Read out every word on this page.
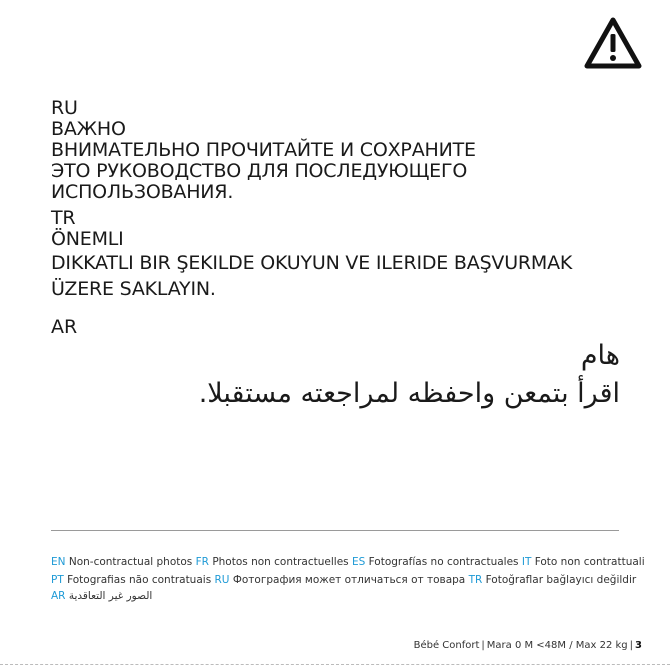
RU
ВАЖНО
ВНИМАТЕЛЬНО ПРОЧИТАЙТЕ И СОХРАНИТЕ
ЭТО РУКОВОДСТВО ДЛЯ ПОСЛЕДУЮЩЕГО
ИСПОЛЬЗОВАНИЯ.
TR
ÖNEMLI
DIKKATLI BIR ŞEKILDE OKUYUN VE ILERIDE BAŞVURMAK
ÜZERE SAKLAYIN.
AR
هام
اقرأ بتمعن واحفظه لمراجعته مستقبلا.
EN Non-contractual photos FR Photos non contractuelles ES Fotografías no contractuales IT Foto non contrattuali
PT Fotografias não contratuais RU Фотография может отличаться от товара TR Fotoğraflar bağlayıcı değildir
AR الصور غير التعاقدية
Bébé Confort | Mara 0 M <48M / Max 22 kg | 3
